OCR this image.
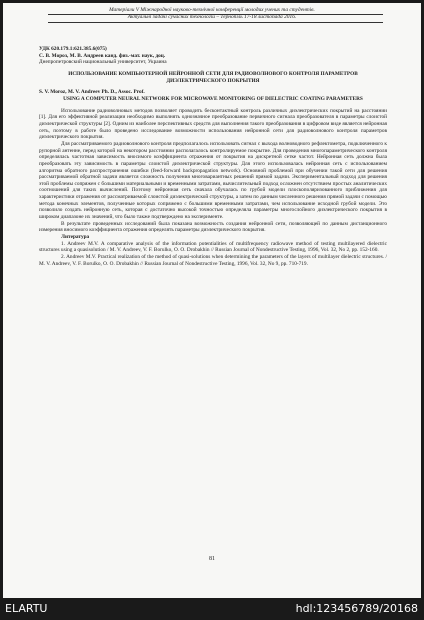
Матеріали V Міжнародної науково-технічної конференції молодих учених та студентів.
Актуальні задачі сучасних технологій – Тернопіль 17-18 листопада 2016.
УДК 620.179.1:621.385.6(075)
С. В. Мороз, М. В. Андреев канд. физ.-мат. наук, доц.
Днепропетровский национальный университет, Украина
ИСПОЛЬЗОВАНИЕ КОМПЬЮТЕРНОЙ НЕЙРОННОЙ СЕТИ ДЛЯ РАДИОВОЛНОВОГО КОНТРОЛЯ ПАРАМЕТРОВ ДИЭЛЕКТРИЧЕСКОГО ПОКРЫТИЯ
S. V. Moroz, M. V. Andreev Ph. D., Assoc. Prof.
USING A COMPUTER NEURAL NETWORK FOR MICROWAVE MONITORING OF DIELECTRIC COATING PARAMETERS

Использование радиоволновых методов позволяет проводить бесконтактный контроль различных диэлектрических покрытий на расстоянии [1]. Для его эффективной реализации необходимо выполнять однозначное преобразование первичного сигнала преобразователя в параметры слоистой диэлектрической структуры [2]. Одним из наиболее перспективных средств для выполнения такого преобразования в цифровом виде является нейронная сеть, поэтому в работе было проведено исследование возможности использования нейронной сети для радиоволнового контроля параметров диэлектрического покрытия.

Для рассматриваемого радиоволнового контроля предполагалось использовать сигнал с выхода волноводного рефлектометра, подключенного к рупорной антенне, перед которой на некотором расстоянии располагалось контролируемое покрытие. Для проведения многопараметрического контроля определялась частотная зависимость вносимого коэффициента отражения от покрытия на дискретной сетке частот. Нейронная сеть должна была преобразовать эту зависимость в параметры слоистой диэлектрической структуры. Для этого использовалась нейронная сеть с использованием алгоритма обратного распространения ошибки (feed-forward backpropagation network). Основной проблемой при обучении такой сети для решения рассматриваемой обратной задачи является сложность получения многовариантных решений прямой задачи. Экспериментальный подход для решения этой проблемы сопряжен с большими материальными и временными затратами, вычислительный подход осложнен отсутствием простых аналитических соотношений для таких вычислений. Поэтому нейронная сеть сначала обучалась по грубой модели плоскополяризованного приближения для характеристики отражения от рассматриваемой слоистой диэлектрической структуры, а затем по данным численного решения прямой задачи с помощью метода конечных элементов, полученные которых сопряжено с большими временными затратами, чем использование исходной грубой модели. Это позволило создать нейронную сеть, которая с достаточно высокой точностью определяла параметры многослойного диэлектрического покрытия в широком диапазоне их значений, что было также подтверждено на эксперименте.

В результате проведенных исследований была показана возможность создания нейронной сети, позволяющей по данным дистанционного измерения вносимого коэффициента отражения определять параметры диэлектрического покрытия.

Литература

1. Andreev M.V. A comparative analysis of the information potentialities of multifrequency radiowave method of testing multilayered dielectric structures using a quasisolution / M. V. Andreev, V. F. Borulko, O. O. Drobakhin // Russian Journal of Nondestructive Testing, 1996, Vol. 32, No 2, pp. 152-160.

2. Andreev M.V. Practical realization of the method of quasi-solutions when determining the parameters of the layers of multilayer dielectric structures. / M. V. Andreev, V. F. Borulko, O. O. Drobakhin // Russian Journal of Nondestructive Testing, 1996, Vol. 32, No 9, pp. 710-719.

81
ELARTU	hdl:123456789/20168
